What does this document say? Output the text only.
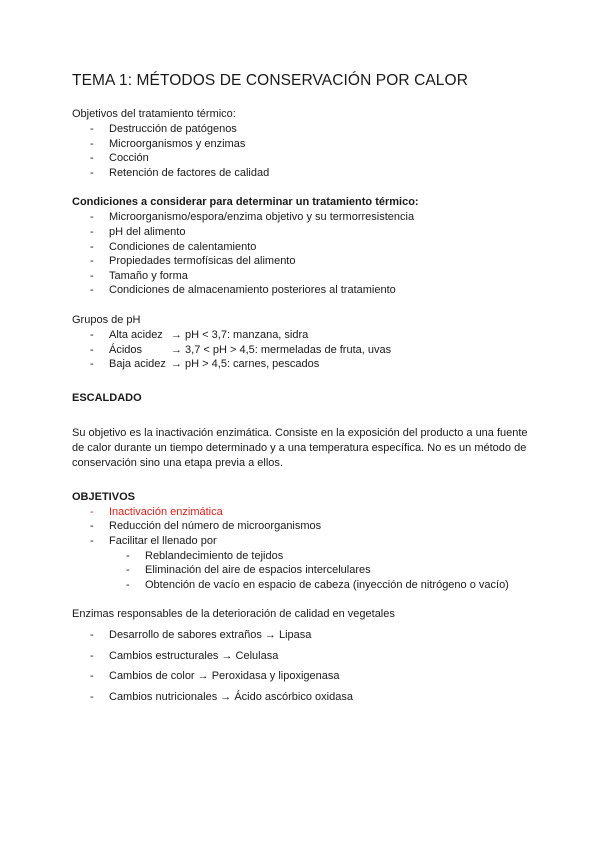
TEMA 1: MÉTODOS DE CONSERVACIÓN POR CALOR

Objetivos del tratamiento térmico:

- Destrucción de patógenos
- Microorganismos y enzimas
- Cocción
- Retención de factores de calidad

Condiciones a considerar para determinar un tratamiento térmico:

- Microorganismo/espora/enzima objetivo y su termorresistencia
- pH del alimento
- Condiciones de calentamiento
- Propiedades termofísicas del alimento
- Tamaño y forma
- Condiciones de almacenamiento posteriores al tratamiento

Grupos de pH

- Alta acidez → pH < 3,7: manzana, sidra
- Ácidos	→ 3,7 < pH > 4,5: mermeladas de fruta, uvas
- Baja acidez → pH > 4,5: carnes, pescados

ESCALDADO

Su objetivo es la inactivación enzimática. Consiste en la exposición del producto a una fuente de calor durante un tiempo determinado y a una temperatura específica. No es un método de conservación sino una etapa previa a ellos.

OBJETIVOS

- Inactivación enzimática
- Reducción del número de microorganismos
- Facilitar el llenado por
- Reblandecimiento de tejidos
- Eliminación del aire de espacios intercelulares
- Obtención de vacío en espacio de cabeza (inyección de nitrógeno o vacío)

Enzimas responsables de la deterioración de calidad en vegetales

- Desarrollo de sabores extraños → Lipasa
- Cambios estructurales → Celulasa
- Cambios de color → Peroxidasa y lipoxigenasa
- Cambios nutricionales → Ácido ascórbico oxidasa
